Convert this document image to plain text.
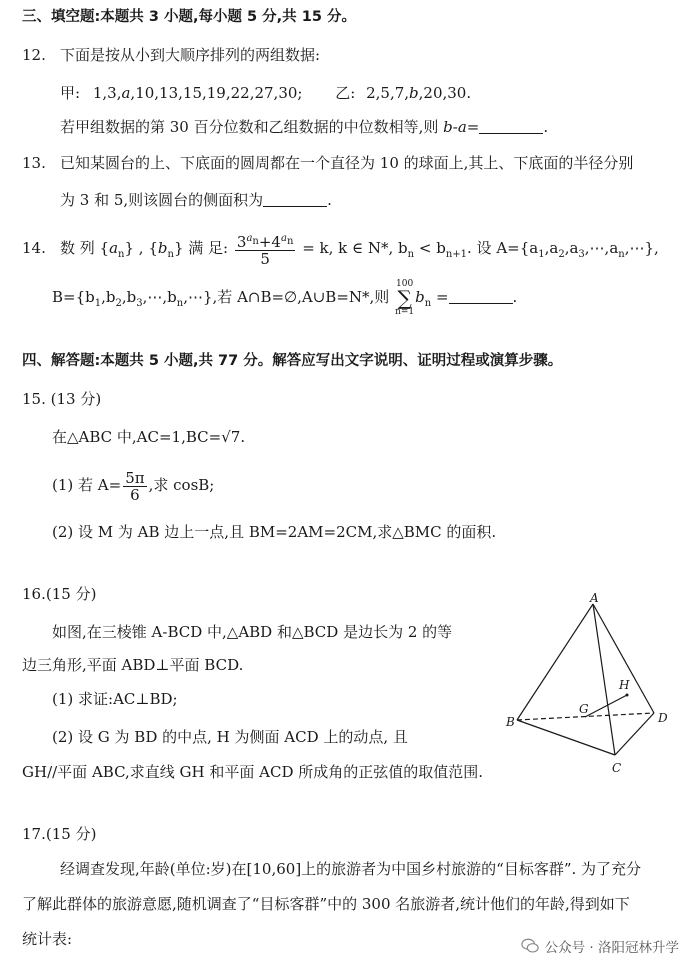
三、填空题:本题共 3 小题,每小题 5 分,共 15 分。
12. 下面是按从小到大顺序排列的两组数据:
甲: 1,3,a,10,13,15,19,22,27,30; 乙: 2,5,7,b,20,30.
若甲组数据的第 30 百分位数和乙组数据的中位数相等,则 b-a=	.
13. 已知某圆台的上、下底面的圆周都在一个直径为 10 的球面上,其上、下底面的半径分别
为 3 和 5,则该圆台的侧面积为	.
14. 数 列 $\{a_n\}$ , $\{b_n\}$ 满 足: $\frac{3^{a_n}+4^{a_n}}{5} = k$, k ∈ N*, $b_n < b_{n+1}$. 设 $A=\{a_1,a_2,a_3,\cdots,a_n,\cdots\}$,
$B=\{b_1,b_2,b_3,\cdots,b_n,\cdots\}$,若 A∩B=∅,A∪B=N*,则 100
∑
$n=1b_n$ =	.
四、解答题:本题共 5 小题,共 77 分。解答应写出文字说明、证明过程或演算步骤。
15. (13 分)
在△ABC 中,AC=1,BC=√7.
(1) 若 $A= \frac{5\pi}{6}$ ,求 cosB;
(2) 设 M 为 AB 边上一点,且 BM=2AM=2CM,求△BMC 的面积.
16.(15 分)
如图,在三棱锥 A-BCD 中,△ABD 和△BCD 是边长为 2 的等
边三角形,平面 ABD⊥平面 BCD.
(1) 求证:AC⊥BD;
(2) 设 G 为 BD 的中点, H 为侧面 ACD 上的动点, 且
GH//平面 ABC,求直线 GH 和平面 ACD 所成角的正弦值的取值范围.
A
B
C
D
G
H
17.(15 分)
经调查发现,年龄(单位:岁)在[10,60]上的旅游者为中国乡村旅游的“目标客群”. 为了充分
了解此群体的旅游意愿,随机调查了“目标客群”中的 300 名旅游者,统计他们的年龄,得到如下
统计表:	公众号 · 洛阳冠林升学
